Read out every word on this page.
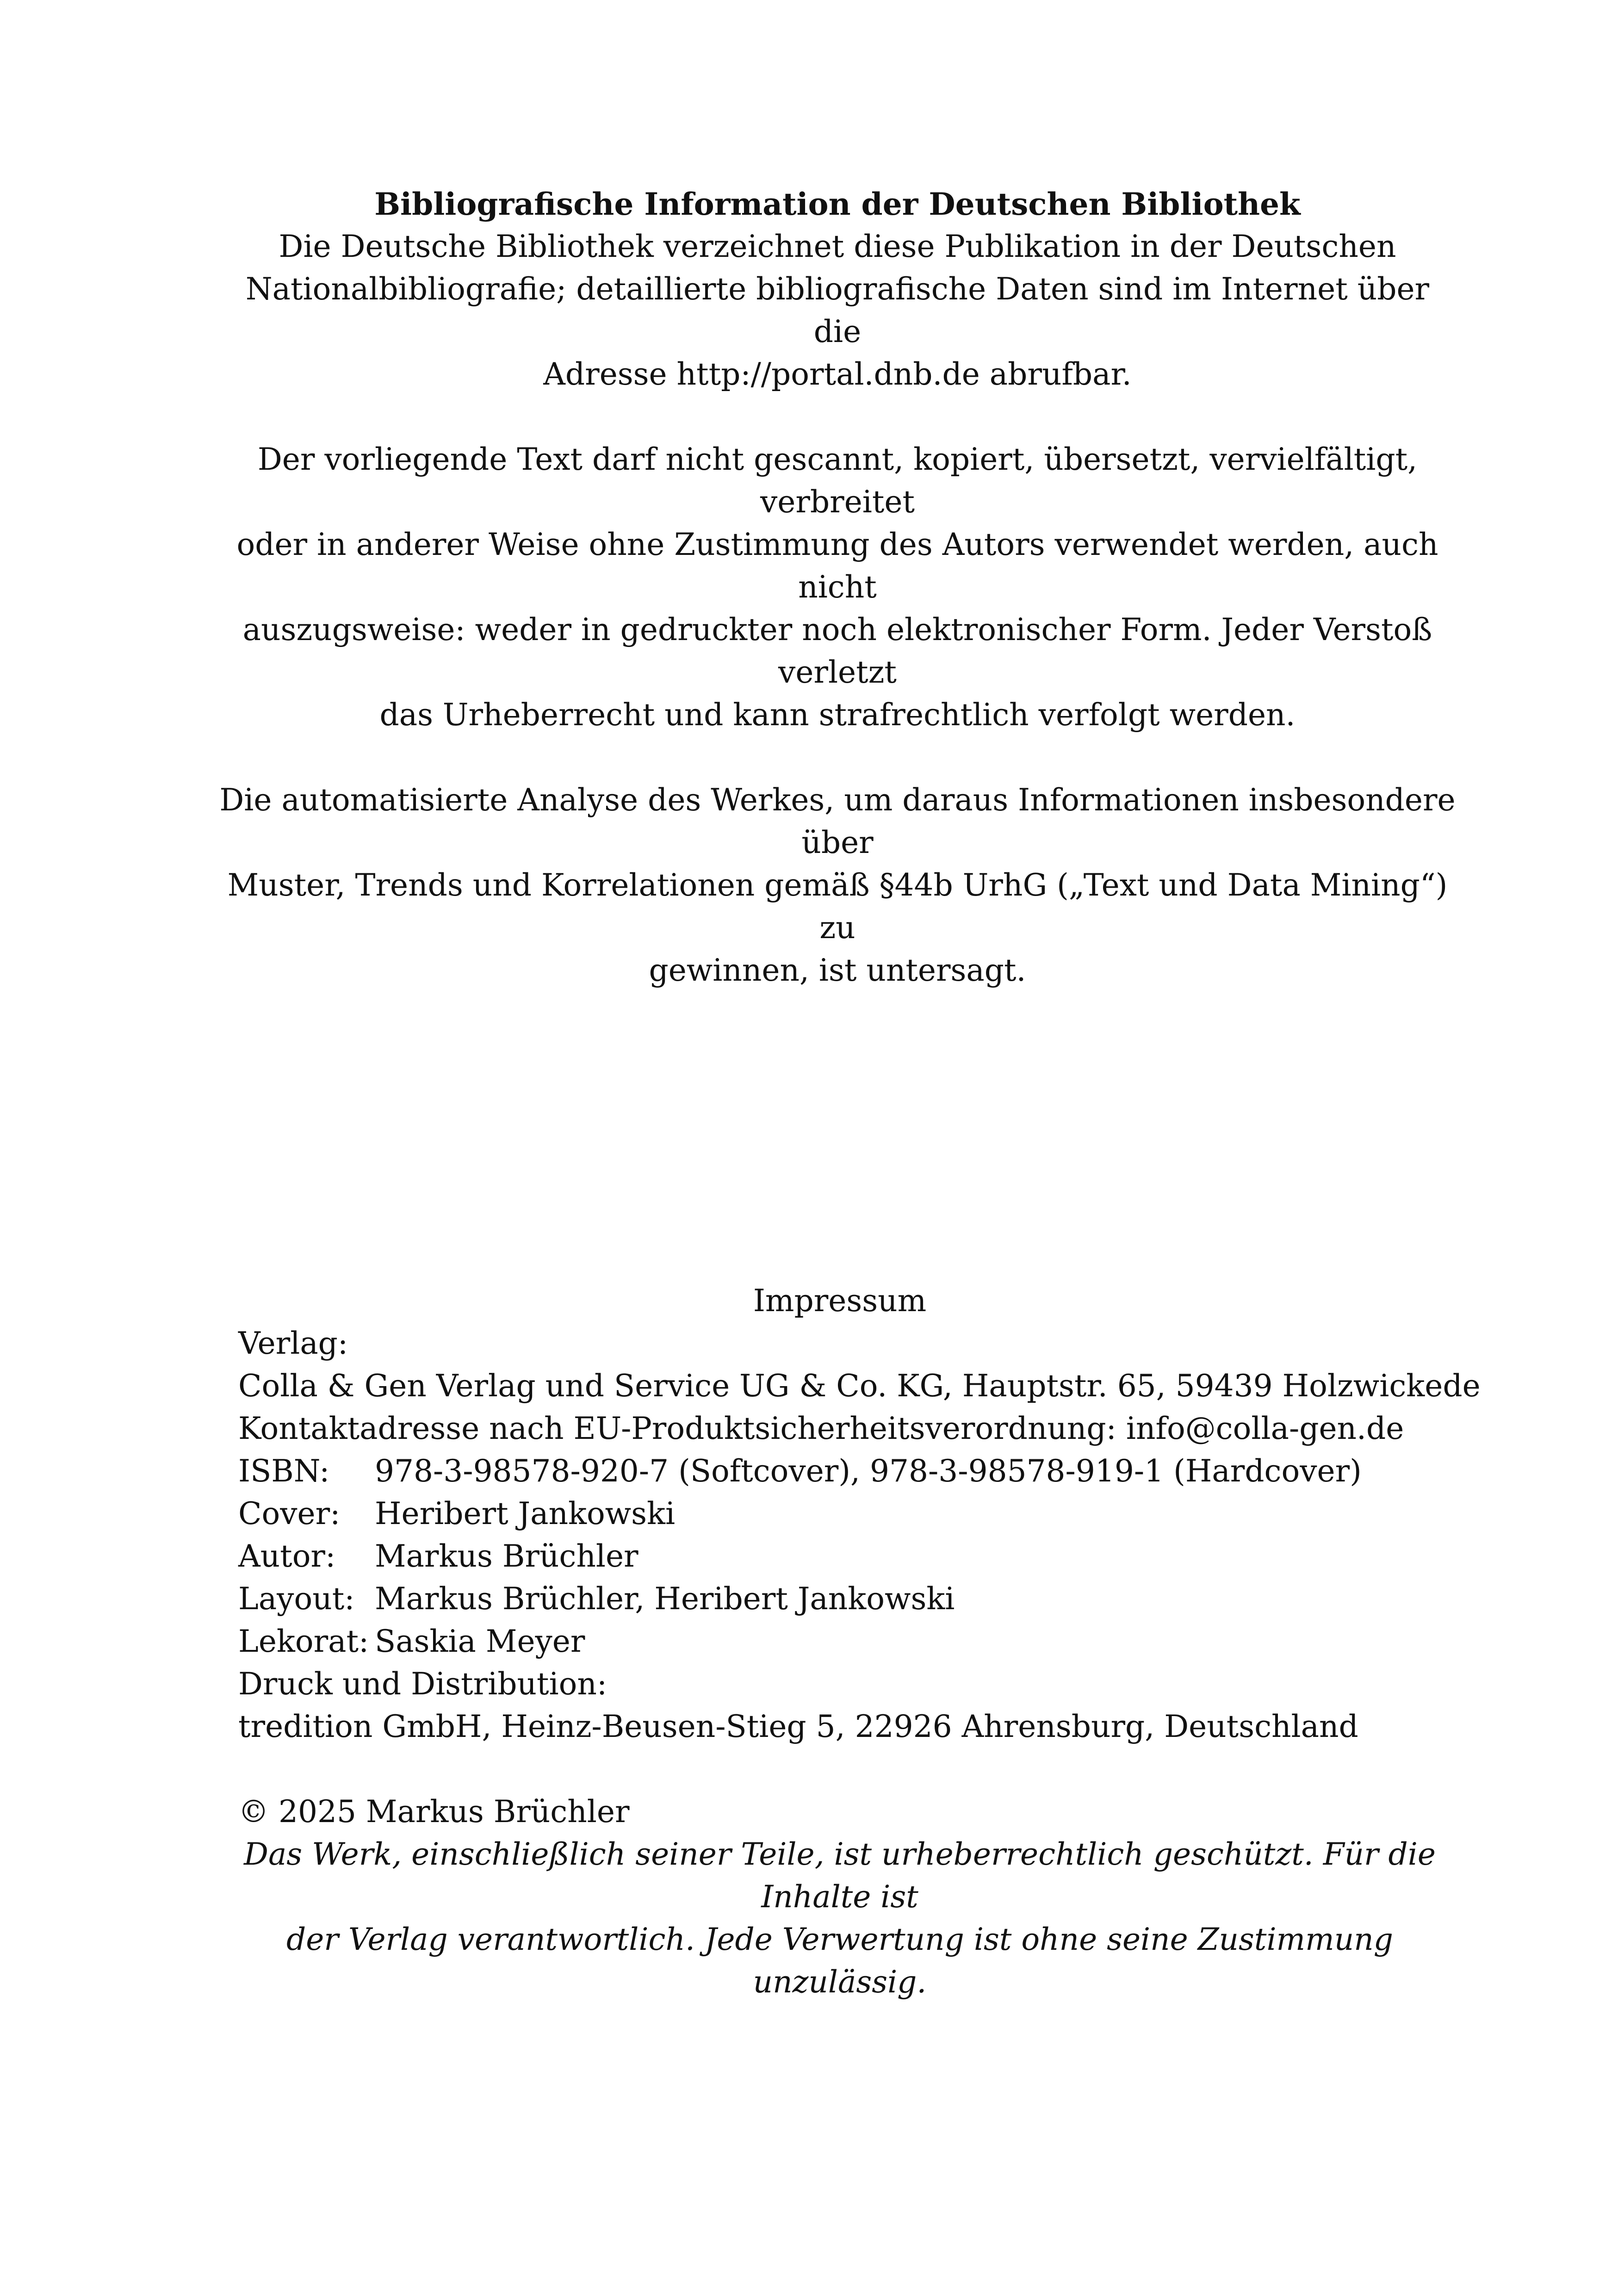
Bibliografische Information der Deutschen Bibliothek

Die Deutsche Bibliothek verzeichnet diese Publikation in der Deutschen

Nationalbibliografie; detaillierte bibliografische Daten sind im Internet über die

Adresse http://portal.dnb.de abrufbar.

Der vorliegende Text darf nicht gescannt, kopiert, übersetzt, vervielfältigt, verbreitet

oder in anderer Weise ohne Zustimmung des Autors verwendet werden, auch nicht

auszugsweise: weder in gedruckter noch elektronischer Form. Jeder Verstoß verletzt

das Urheberrecht und kann strafrechtlich verfolgt werden.

Die automatisierte Analyse des Werkes, um daraus Informationen insbesondere über

Muster, Trends und Korrelationen gemäß §44b UrhG („Text und Data Mining“) zu

gewinnen, ist untersagt.

Impressum

Verlag:

Colla & Gen Verlag und Service UG & Co. KG, Hauptstr. 65, 59439 Holzwickede

Kontaktadresse nach EU-Produktsicherheitsverordnung: info@colla-gen.de

ISBN:	978-3-98578-920-7 (Softcover), 978-3-98578-919-1 (Hardcover)
Cover:	Heribert Jankowski
Autor:	Markus Brüchler
Layout: Markus Brüchler, Heribert Jankowski
Lekorat: Saskia Meyer

Druck und Distribution:

tredition GmbH, Heinz-Beusen-Stieg 5, 22926 Ahrensburg, Deutschland

© 2025 Markus Brüchler

Das Werk, einschließlich seiner Teile, ist urheberrechtlich geschützt. Für die Inhalte ist

der Verlag verantwortlich. Jede Verwertung ist ohne seine Zustimmung unzulässig.
